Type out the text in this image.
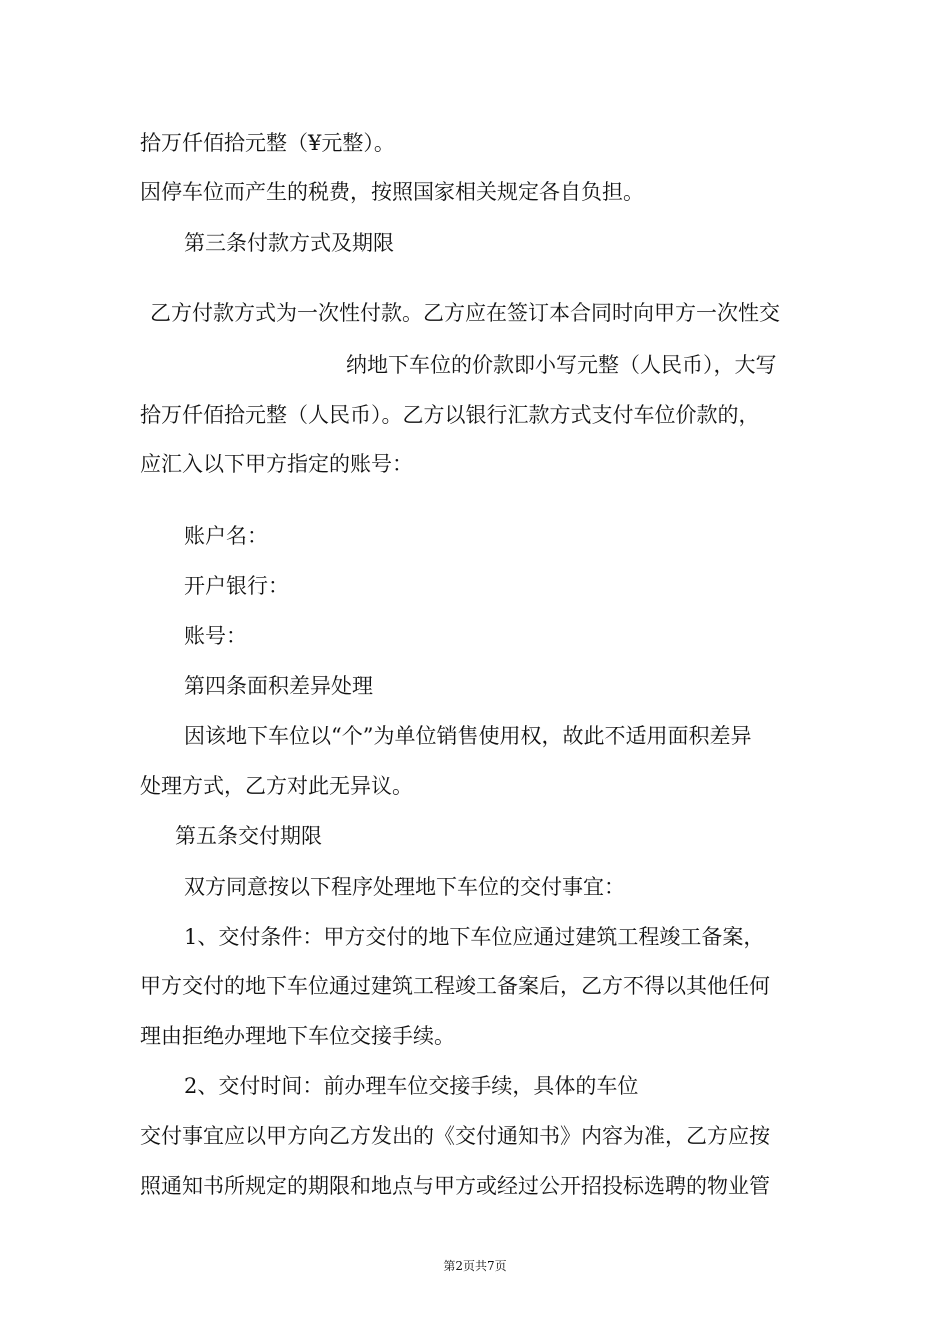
拾万仟佰拾元整（¥元整）。
因停车位而产生的税费，按照国家相关规定各自负担。
第三条付款方式及期限
乙方付款方式为一次性付款。乙方应在签订本合同时向甲方一次性交
纳地下车位的价款即小写元整（人民币），大写
拾万仟佰拾元整（人民币）。乙方以银行汇款方式支付车位价款的，
应汇入以下甲方指定的账号：
账户名：
开户银行：
账号：
第四条面积差异处理
因该地下车位以“个”为单位销售使用权，故此不适用面积差异
处理方式，乙方对此无异议。
第五条交付期限
双方同意按以下程序处理地下车位的交付事宜：
1、交付条件：甲方交付的地下车位应通过建筑工程竣工备案，
甲方交付的地下车位通过建筑工程竣工备案后，乙方不得以其他任何
理由拒绝办理地下车位交接手续。
2、交付时间：前办理车位交接手续，具体的车位
交付事宜应以甲方向乙方发出的《交付通知书》内容为准，乙方应按
照通知书所规定的期限和地点与甲方或经过公开招投标选聘的物业管
第2页共7页
